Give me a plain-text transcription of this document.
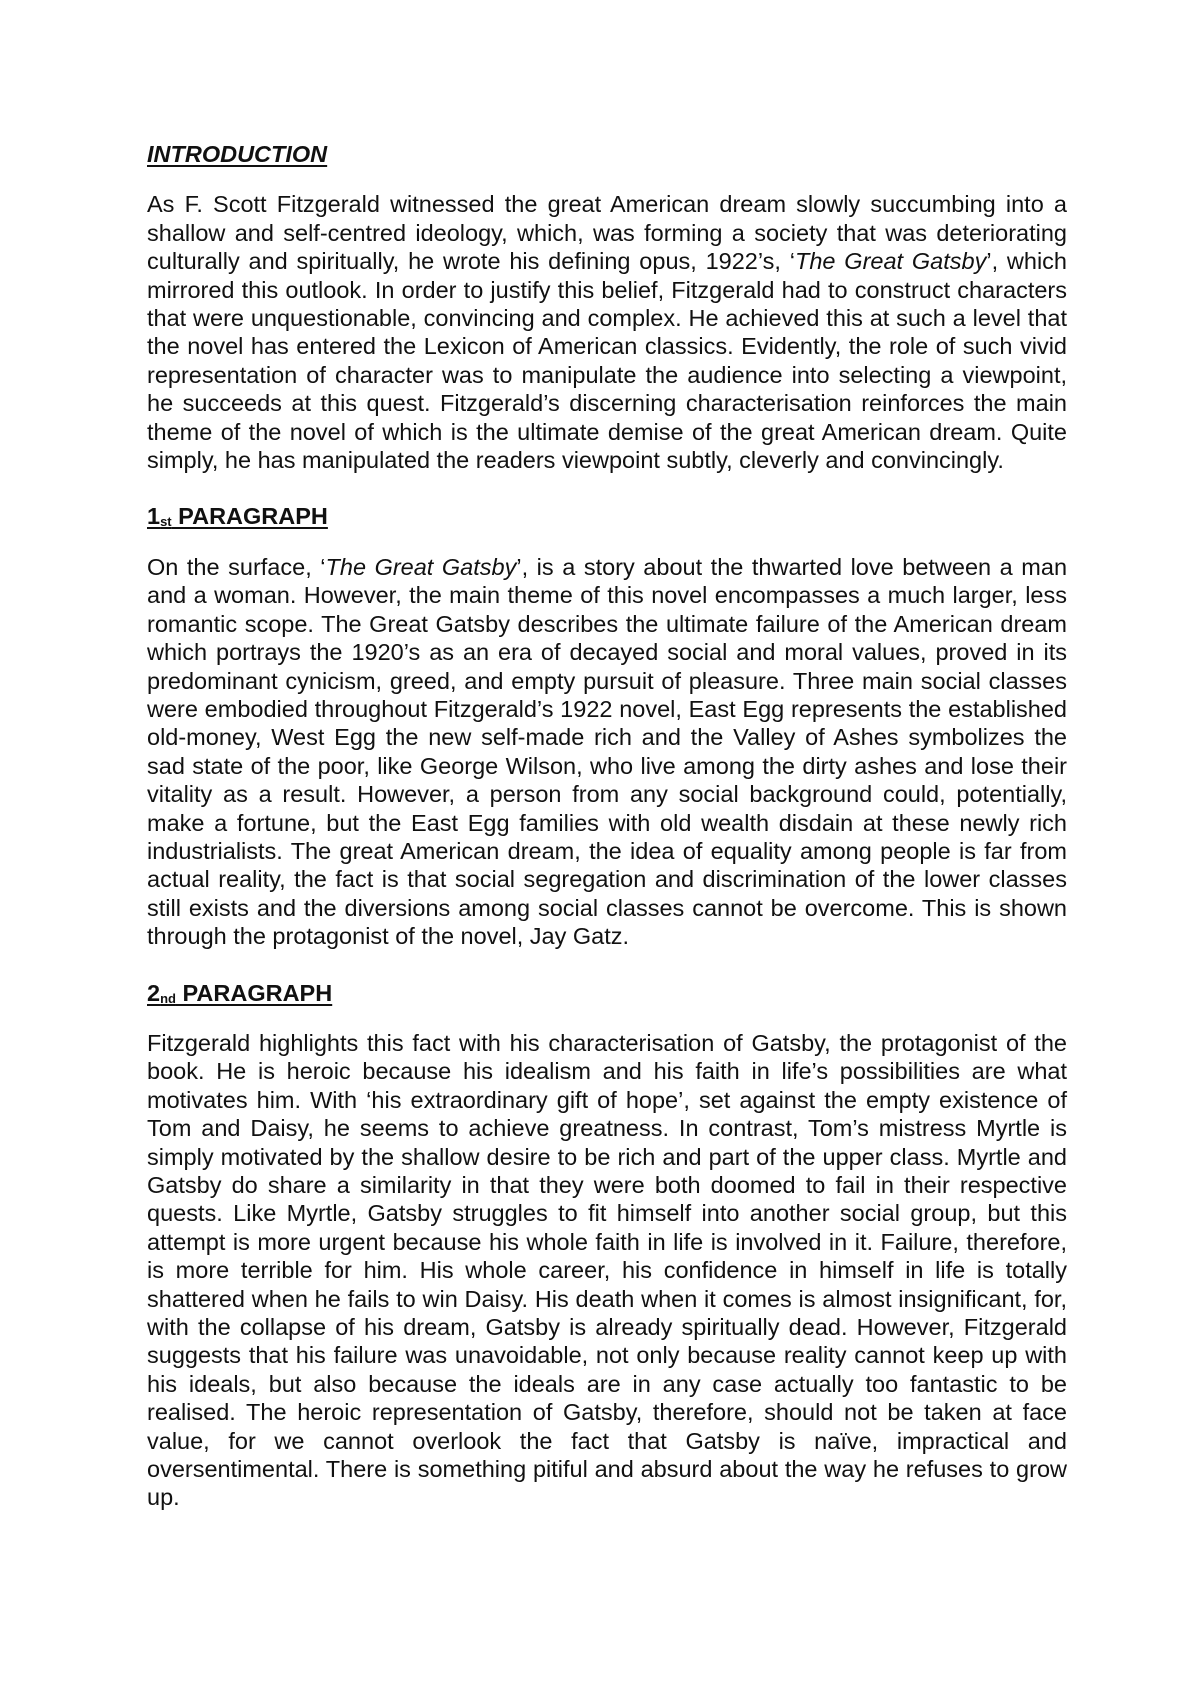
INTRODUCTION

As F. Scott Fitzgerald witnessed the great American dream slowly succumbing into a shallow and self-centred ideology, which, was forming a society that was deteriorating culturally and spiritually, he wrote his defining opus, 1922’s, ‘The Great Gatsby’, which mirrored this outlook. In order to justify this belief, Fitzgerald had to construct characters that were unquestionable, convincing and complex. He achieved this at such a level that the novel has entered the Lexicon of American classics. Evidently, the role of such vivid representation of character was to manipulate the audience into selecting a viewpoint, he succeeds at this quest. Fitzgerald’s discerning characterisation reinforces the main theme of the novel of which is the ultimate demise of the great American dream. Quite simply, he has manipulated the readers viewpoint subtly, cleverly and convincingly.

$1_{st}$ PARAGRAPH

On the surface, ‘The Great Gatsby’, is a story about the thwarted love between a man and a woman. However, the main theme of this novel encompasses a much larger, less romantic scope. The Great Gatsby describes the ultimate failure of the American dream which portrays the 1920’s as an era of decayed social and moral values, proved in its predominant cynicism, greed, and empty pursuit of pleasure. Three main social classes were embodied throughout Fitzgerald’s 1922 novel, East Egg represents the established old-money, West Egg the new self-made rich and the Valley of Ashes symbolizes the sad state of the poor, like George Wilson, who live among the dirty ashes and lose their vitality as a result. However, a person from any social background could, potentially, make a fortune, but the East Egg families with old wealth disdain at these newly rich industrialists. The great American dream, the idea of equality among people is far from actual reality, the fact is that social segregation and discrimination of the lower classes still exists and the diversions among social classes cannot be overcome. This is shown through the protagonist of the novel, Jay Gatz.

$2_{nd}$ PARAGRAPH

Fitzgerald highlights this fact with his characterisation of Gatsby, the protagonist of the book. He is heroic because his idealism and his faith in life’s possibilities are what motivates him. With ‘his extraordinary gift of hope’, set against the empty existence of Tom and Daisy, he seems to achieve greatness. In contrast, Tom’s mistress Myrtle is simply motivated by the shallow desire to be rich and part of the upper class. Myrtle and Gatsby do share a similarity in that they were both doomed to fail in their respective quests. Like Myrtle, Gatsby struggles to fit himself into another social group, but this attempt is more urgent because his whole faith in life is involved in it. Failure, therefore, is more terrible for him. His whole career, his confidence in himself in life is totally shattered when he fails to win Daisy. His death when it comes is almost insignificant, for, with the collapse of his dream, Gatsby is already spiritually dead. However, Fitzgerald suggests that his failure was unavoidable, not only because reality cannot keep up with his ideals, but also because the ideals are in any case actually too fantastic to be realised. The heroic representation of Gatsby, therefore, should not be taken at face value, for we cannot overlook the fact that Gatsby is naïve, impractical and oversentimental. There is something pitiful and absurd about the way he refuses to grow up.
